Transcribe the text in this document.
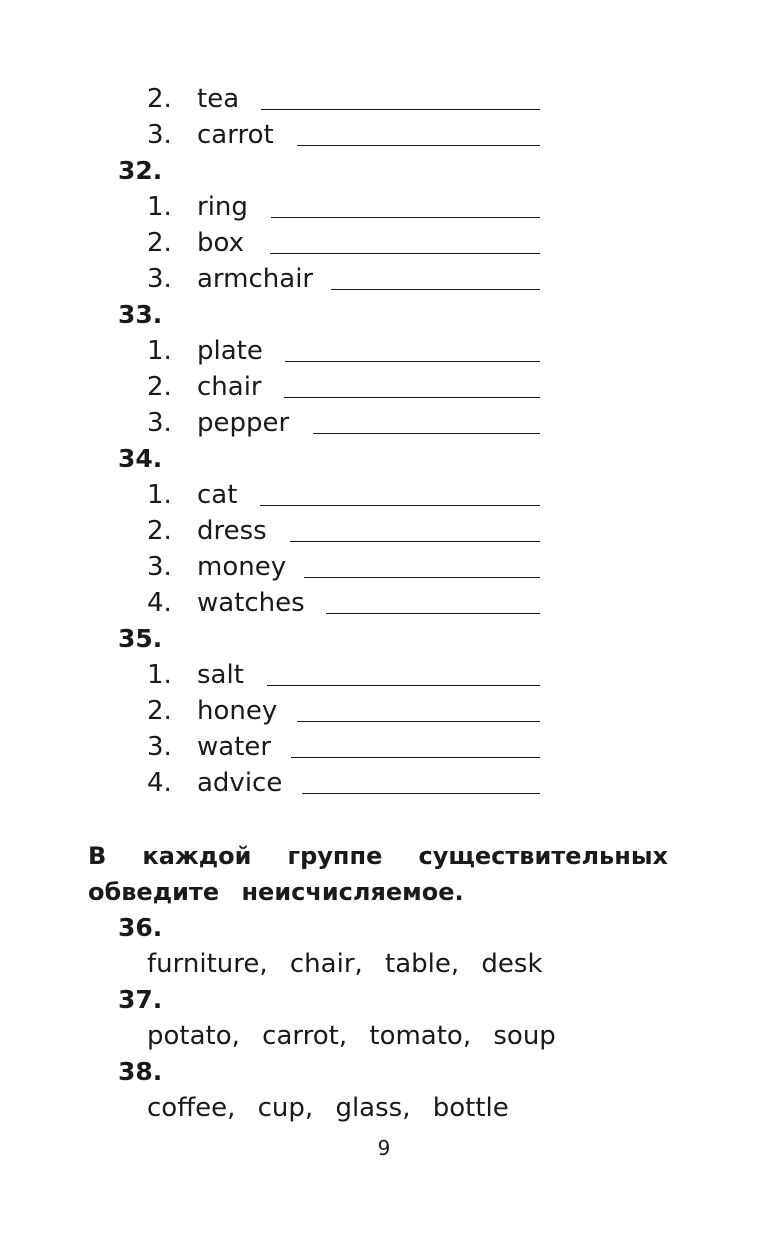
2. tea
3. carrot
32.
1. ring
2. box
3. armchair
33.
1. plate
2. chair
3. pepper
34.
1. cat
2. dress
3. money
4. watches
35.
1. salt
2. honey
3. water
4. advice
В каждой группе существительных
обведите неисчисляемое.
36.
furniture, chair, table, desk
37.
potato, carrot, tomato, soup
38.
coffee, cup, glass, bottle
9
